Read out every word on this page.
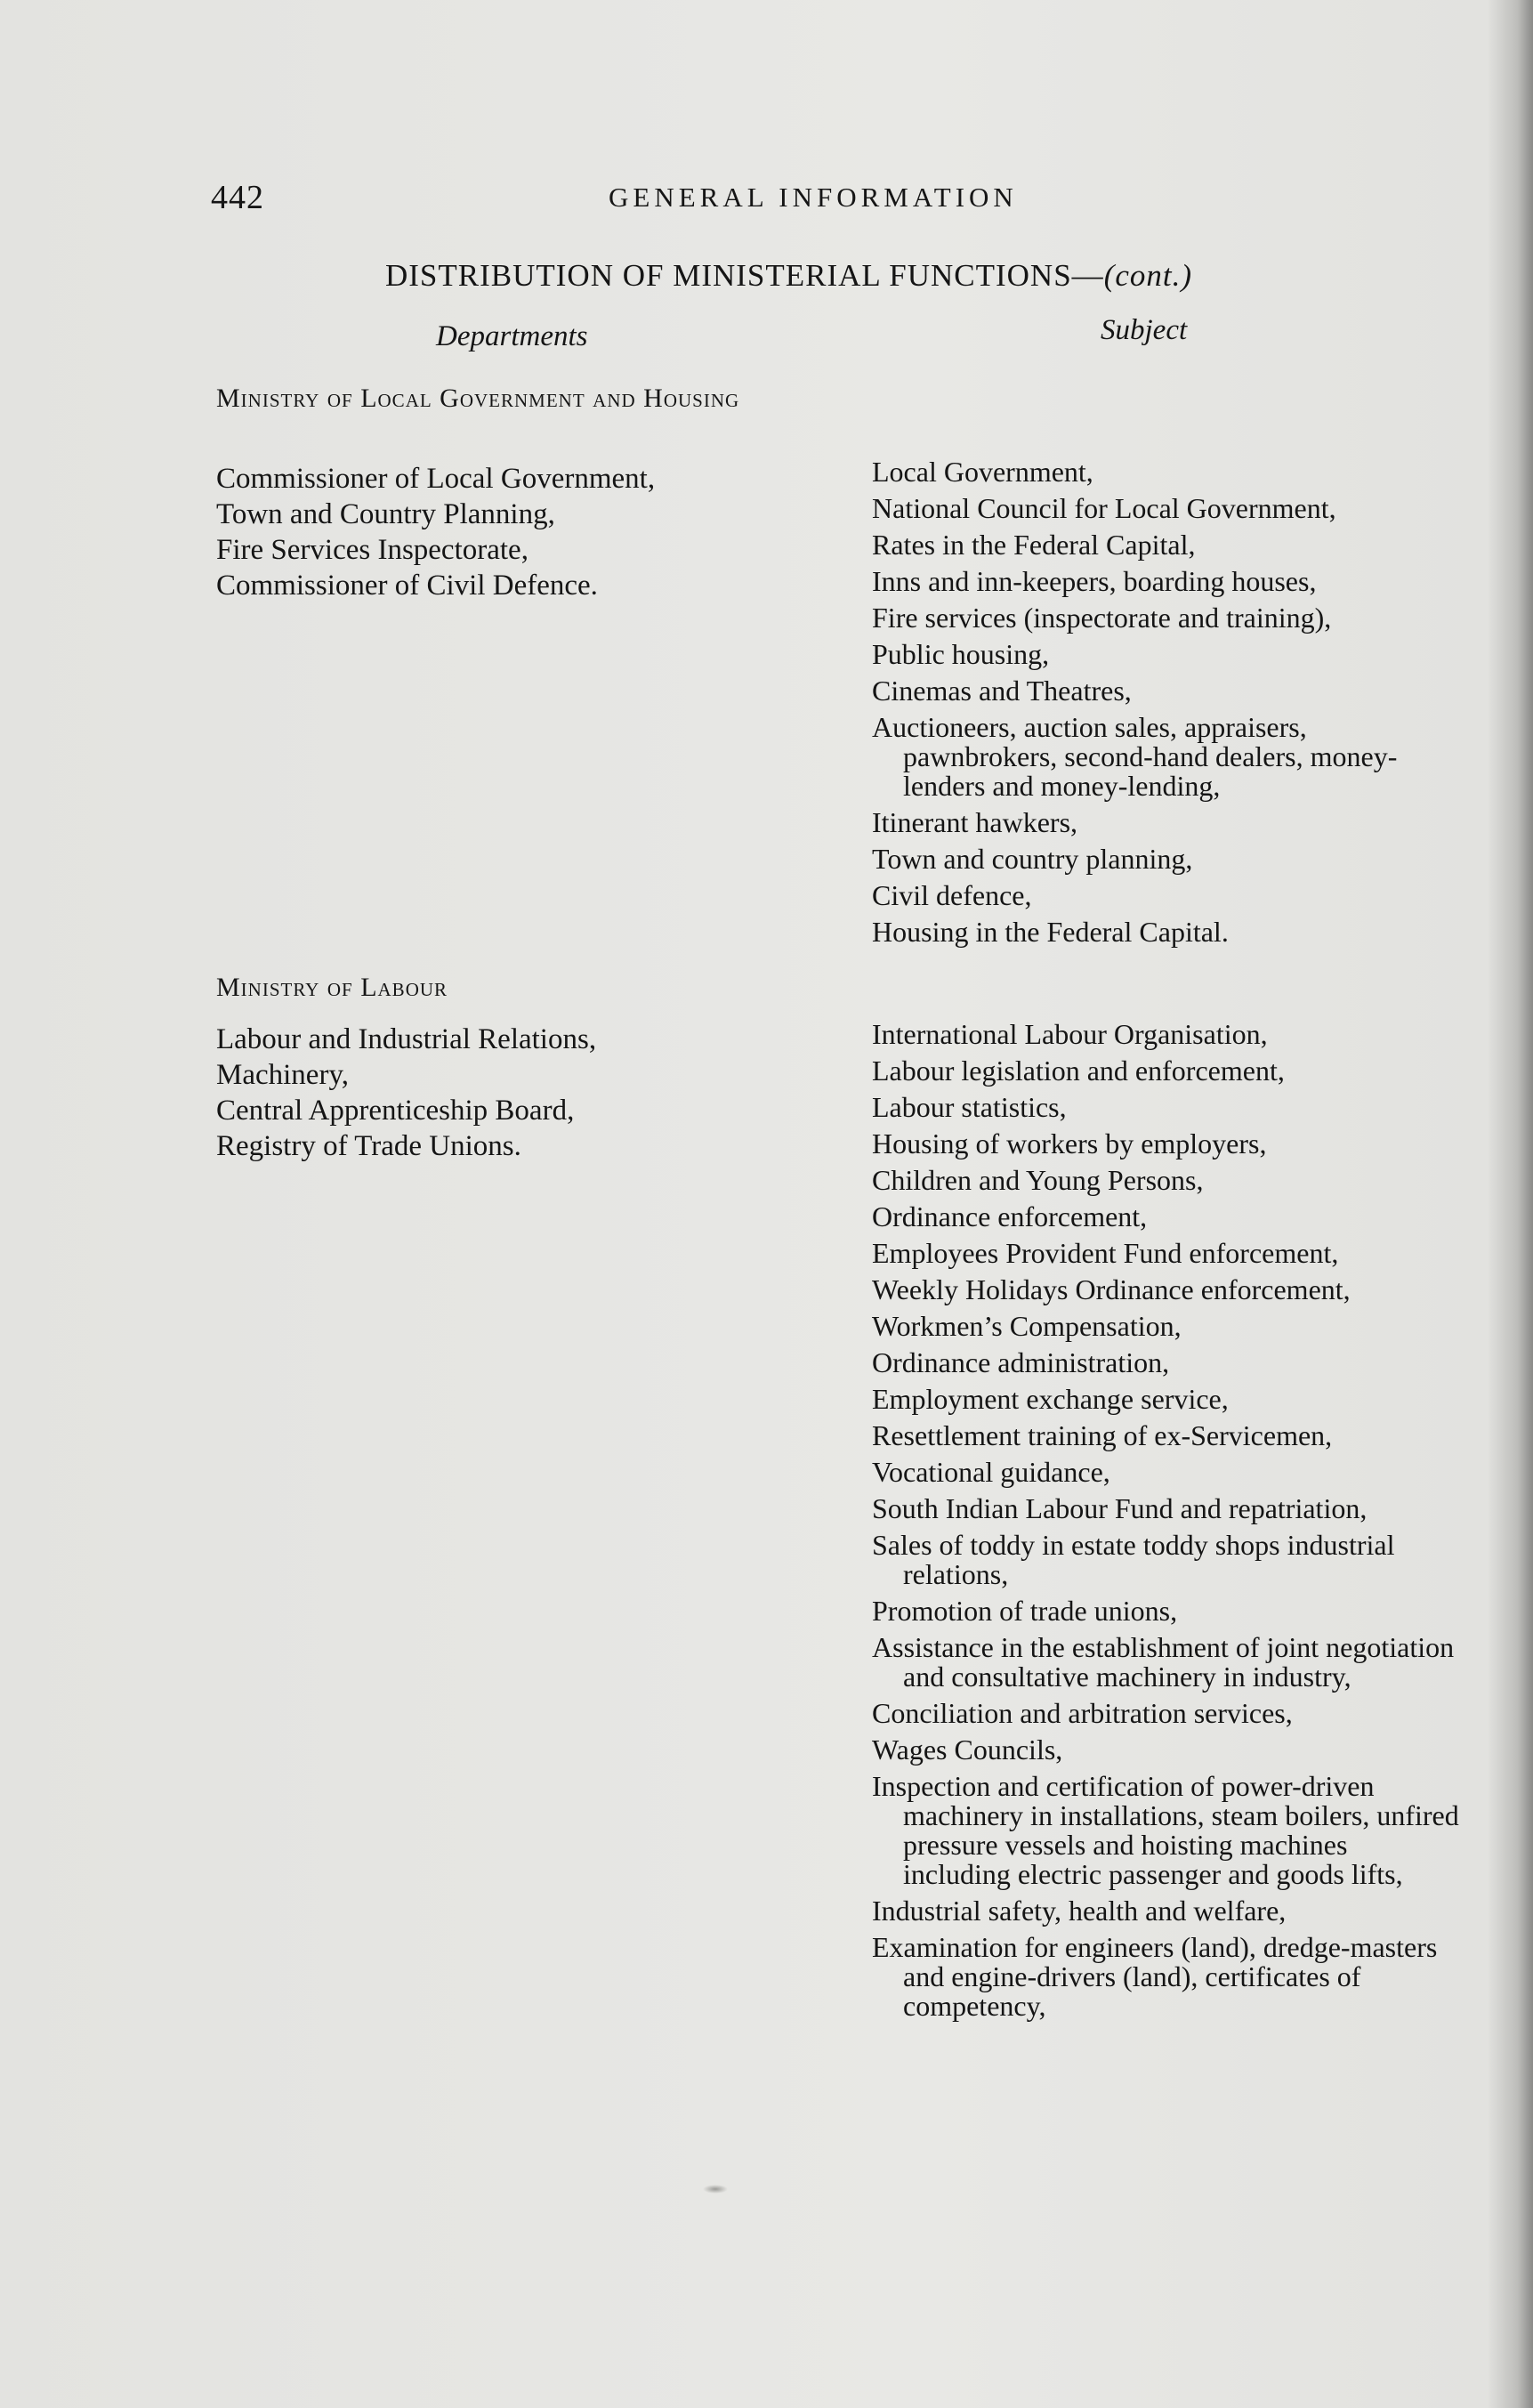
442	GENERAL INFORMATION
DISTRIBUTION OF MINISTERIAL FUNCTIONS—(cont.)
Departments	Subject
Ministry of Local Government and Housing
Commissioner of Local Government,
Town and Country Planning,
Fire Services Inspectorate,
Commissioner of Civil Defence.
Local Government,
National Council for Local Government,
Rates in the Federal Capital,
Inns and inn-keepers, boarding houses,
Fire services (inspectorate and training),
Public housing,
Cinemas and Theatres,
Auctioneers, auction sales, appraisers, pawnbrokers, second-hand dealers, money-lenders and money-lending,
Itinerant hawkers,
Town and country planning,
Civil defence,
Housing in the Federal Capital.
Ministry of Labour
Labour and Industrial Relations,
Machinery,
Central Apprenticeship Board,
Registry of Trade Unions.
International Labour Organisation,
Labour legislation and enforcement,
Labour statistics,
Housing of workers by employers,
Children and Young Persons,
Ordinance enforcement,
Employees Provident Fund enforcement,
Weekly Holidays Ordinance enforcement,
Workmen’s Compensation,
Ordinance administration,
Employment exchange service,
Resettlement training of ex-Servicemen,
Vocational guidance,
South Indian Labour Fund and repatriation,
Sales of toddy in estate toddy shops industrial relations,
Promotion of trade unions,
Assistance in the establishment of joint negotiation and consultative machinery in industry,
Conciliation and arbitration services,
Wages Councils,
Inspection and certification of power-driven machinery in installations, steam boilers, unfired pressure vessels and hoisting machines including electric passenger and goods lifts,
Industrial safety, health and welfare,
Examination for engineers (land), dredge-masters and engine-drivers (land), certificates of competency,
